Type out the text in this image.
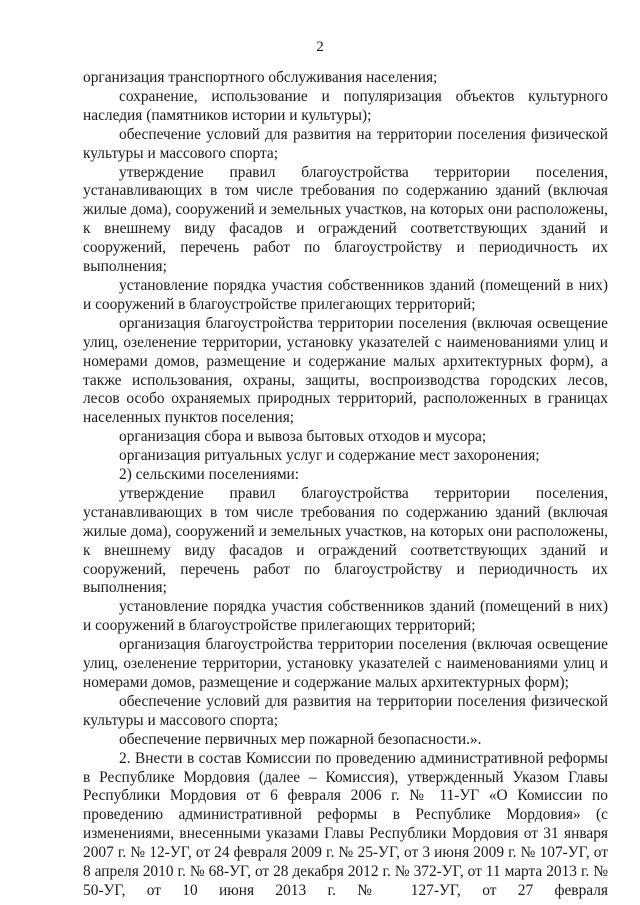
2

организация транспортного обслуживания населения;

сохранение, использование и популяризация объектов культурного наследия (памятников истории и культуры);

обеспечение условий для развития на территории поселения физической культуры и массового спорта;

утверждение правил благоустройства территории поселения, устанавливающих в том числе требования по содержанию зданий (включая жилые дома), сооружений и земельных участков, на которых они расположены, к внешнему виду фасадов и ограждений соответствующих зданий и сооружений, перечень работ по благоустройству и периодичность их выполнения;

установление порядка участия собственников зданий (помещений в них) и сооружений в благоустройстве прилегающих территорий;

организация благоустройства территории поселения (включая освещение улиц, озеленение территории, установку указателей с наименованиями улиц и номерами домов, размещение и содержание малых архитектурных форм), а также использования, охраны, защиты, воспроизводства городских лесов, лесов особо охраняемых природных территорий, расположенных в границах населенных пунктов поселения;

организация сбора и вывоза бытовых отходов и мусора;

организация ритуальных услуг и содержание мест захоронения;

2) сельскими поселениями:

утверждение правил благоустройства территории поселения, устанавливающих в том числе требования по содержанию зданий (включая жилые дома), сооружений и земельных участков, на которых они расположены, к внешнему виду фасадов и ограждений соответствующих зданий и сооружений, перечень работ по благоустройству и периодичность их выполнения;

установление порядка участия собственников зданий (помещений в них) и сооружений в благоустройстве прилегающих территорий;

организация благоустройства территории поселения (включая освещение улиц, озеленение территории, установку указателей с наименованиями улиц и номерами домов, размещение и содержание малых архитектурных форм);

обеспечение условий для развития на территории поселения физической культуры и массового спорта;

обеспечение первичных мер пожарной безопасности.».

2. Внести в состав Комиссии по проведению административной реформы в Республике Мордовия (далее – Комиссия), утвержденный Указом Главы Республики Мордовия от 6 февраля 2006 г. № 11-УГ «О Комиссии по проведению административной реформы в Республике Мордовия» (с изменениями, внесенными указами Главы Республики Мордовия от 31 января 2007 г. № 12-УГ, от 24 февраля 2009 г. № 25-УГ, от 3 июня 2009 г. № 107-УГ, от 8 апреля 2010 г. № 68-УГ, от 28 декабря 2012 г. № 372-УГ, от 11 марта 2013 г. № 50-УГ, от 10 июня 2013 г. № 127-УГ, от 27 февраля
